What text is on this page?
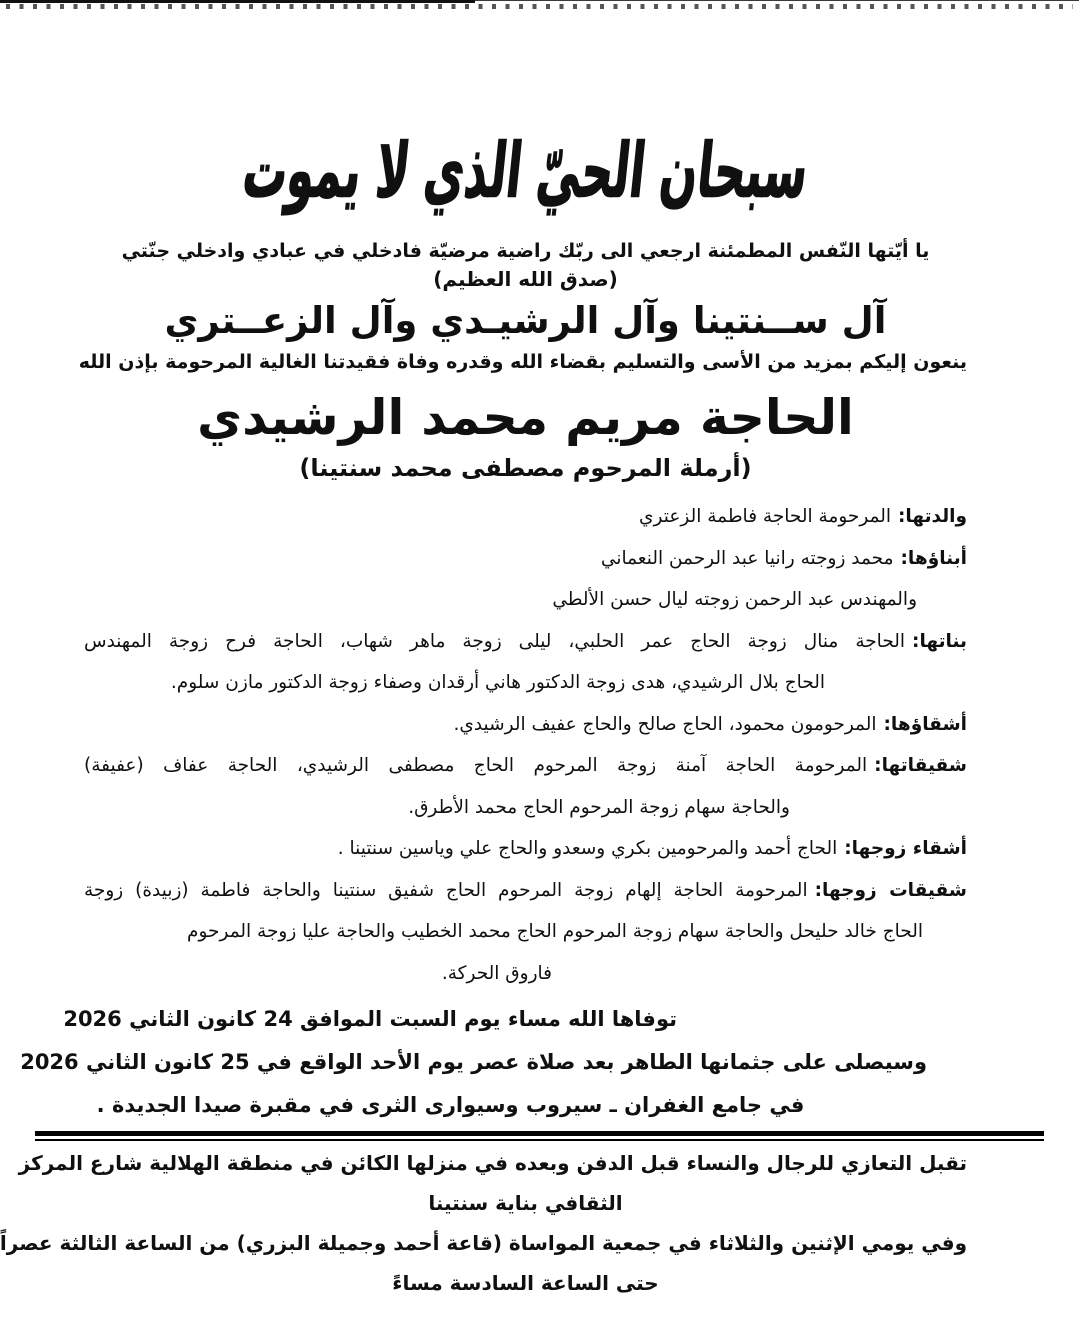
سبحان الحيّ الذي لا يموت
يا أيّتها النّفس المطمئنة ارجعي الى ربّك راضية مرضيّة فادخلي في عبادي وادخلي جنّتي
(صدق الله العظيم)
آل ســنتينا وآل الرشيـدي وآل الزعــتري
ينعون إليكم بمزيد من الأسى والتسليم بقضاء الله وقدره وفاة فقيدتنا الغالية المرحومة بإذن الله
الحاجة مريم محمد الرشيدي
(أرملة المرحوم مصطفى محمد سنتينا)

والدتها:المرحومة الحاجة فاطمة الزعتري

أبناؤها:محمد زوجته رانيا عبد الرحمن النعماني

والمهندس عبد الرحمن زوجته ليال حسن الألطي

بناتها:الحاجة منال زوجة الحاج عمر الحلبي، ليلى زوجة ماهر شهاب، الحاجة فرح زوجة المهندس

الحاج بلال الرشيدي، هدى زوجة الدكتور هاني أرقدان وصفاء زوجة الدكتور مازن سلوم.

أشقاؤها:المرحومون محمود، الحاج صالح والحاج عفيف الرشيدي.

شقيقاتها:المرحومة الحاجة آمنة زوجة المرحوم الحاج مصطفى الرشيدي، الحاجة عفاف (عفيفة)

والحاجة سهام زوجة المرحوم الحاج محمد الأطرق.

أشقاء زوجها:الحاج أحمد والمرحومين بكري وسعدو والحاج علي وياسين سنتينا .

شقيقات زوجها:المرحومة الحاجة إلهام زوجة المرحوم الحاج شفيق سنتينا والحاجة فاطمة (زبيدة) زوجة

الحاج خالد حليحل والحاجة سهام زوجة المرحوم الحاج محمد الخطيب والحاجة عليا زوجة المرحوم

فاروق الحركة.

توفاها الله مساء يوم السبت الموافق 24 كانون الثاني 2026

وسيصلى على جثمانها الطاهر بعد صلاة عصر يوم الأحد الواقع في 25 كانون الثاني 2026

في جامع الغفران ـ سيروب وسيوارى الثرى في مقبرة صيدا الجديدة .

تقبل التعازي للرجال والنساء قبل الدفن وبعده في منزلها الكائن في منطقة الهلالية شارع المركز

الثقافي بناية سنتينا

وفي يومي الإثنين والثلاثاء في جمعية المواساة (قاعة أحمد وجميلة البزري) من الساعة الثالثة عصراً

حتى الساعة السادسة مساءً
